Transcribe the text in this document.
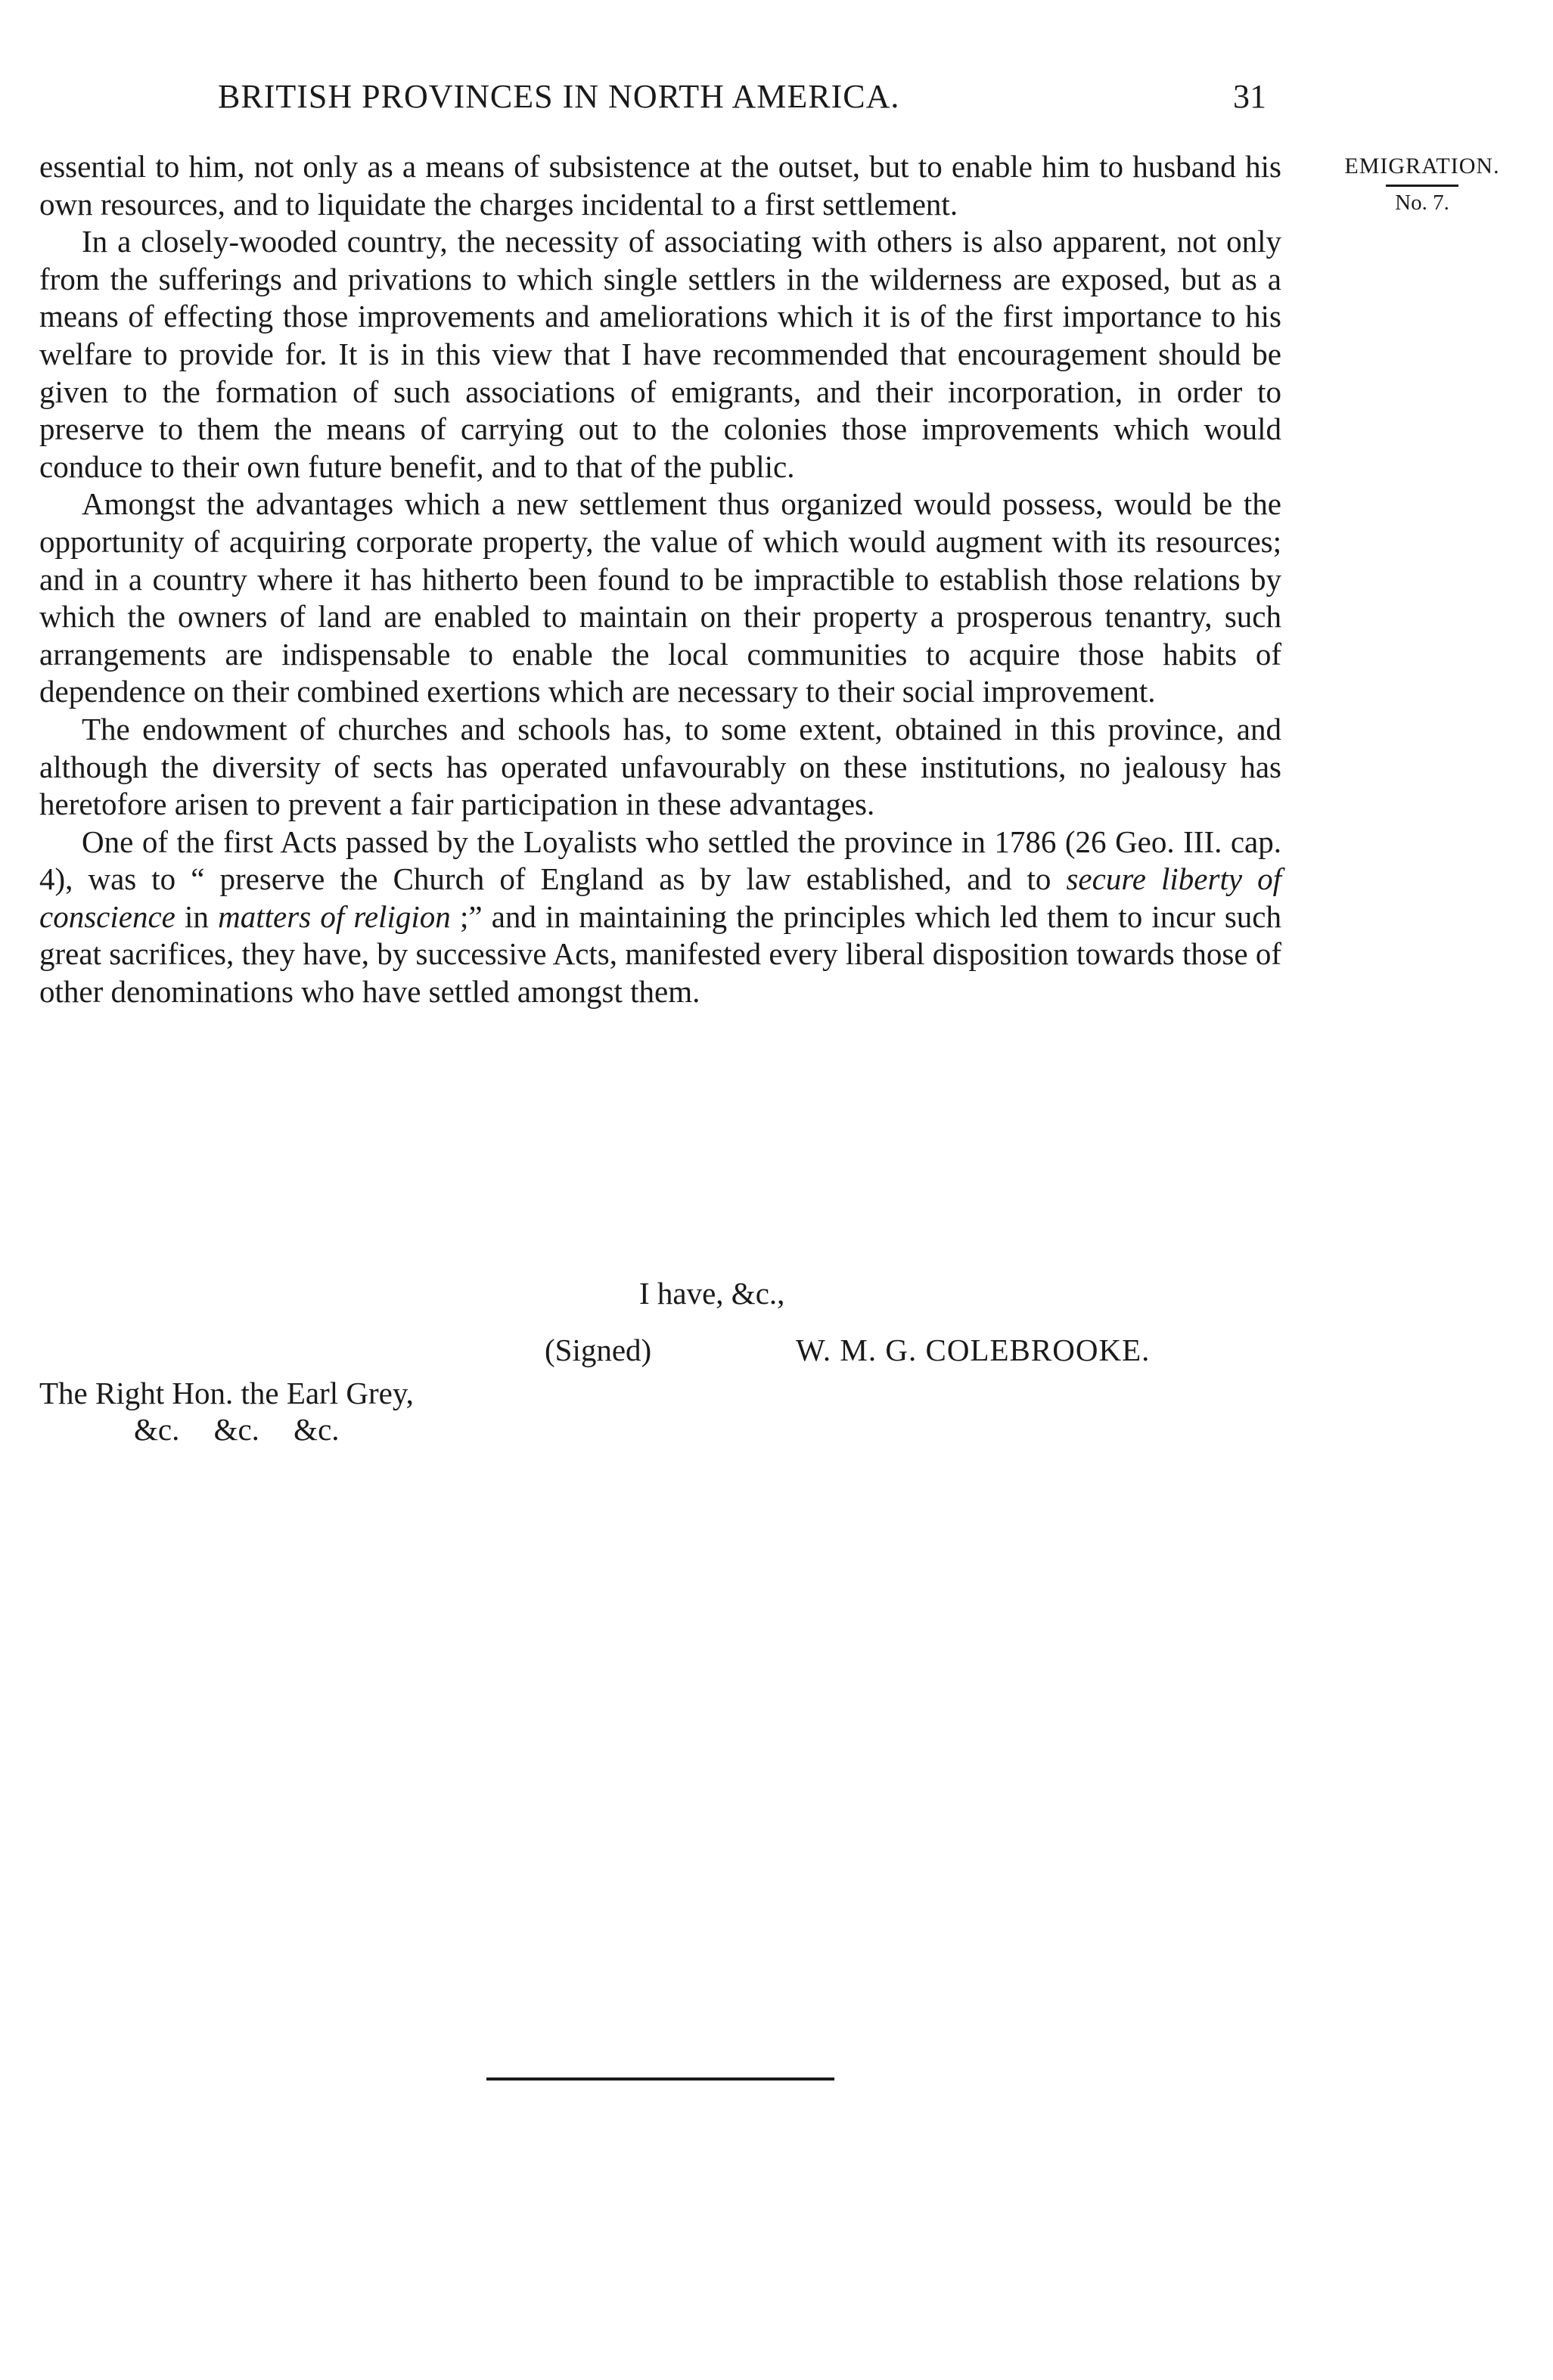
BRITISH PROVINCES IN NORTH AMERICA.	31
EMIGRATION.
No. 7.

essential to him, not only as a means of subsistence at the outset, but to enable him to husband his own resources, and to liquidate the charges incidental to a first settlement.

In a closely-wooded country, the necessity of associating with others is also apparent, not only from the sufferings and privations to which single settlers in the wilderness are exposed, but as a means of effecting those improvements and ameliorations which it is of the first importance to his welfare to provide for. It is in this view that I have recommended that encouragement should be given to the formation of such associations of emigrants, and their incorporation, in order to preserve to them the means of carrying out to the colonies those improvements which would conduce to their own future benefit, and to that of the public.

Amongst the advantages which a new settlement thus organized would possess, would be the opportunity of acquiring corporate property, the value of which would augment with its resources; and in a country where it has hitherto been found to be impractible to establish those relations by which the owners of land are enabled to maintain on their property a prosperous tenantry, such arrangements are indispensable to enable the local communities to acquire those habits of dependence on their combined exertions which are necessary to their social improvement.

The endowment of churches and schools has, to some extent, obtained in this province, and although the diversity of sects has operated unfavourably on these institutions, no jealousy has heretofore arisen to prevent a fair participation in these advantages.

One of the first Acts passed by the Loyalists who settled the province in 1786 (26 Geo. III. cap. 4), was to “ preserve the Church of England as by law established, and to secure liberty of conscience in matters of religion ;” and in maintaining the principles which led them to incur such great sacrifices, they have, by successive Acts, manifested every liberal disposition towards those of other denominations who have settled amongst them.

I have, &c.,
(Signed)	W. M. G. COLEBROOKE.
The Right Hon. the Earl Grey,
&c. &c. &c.
